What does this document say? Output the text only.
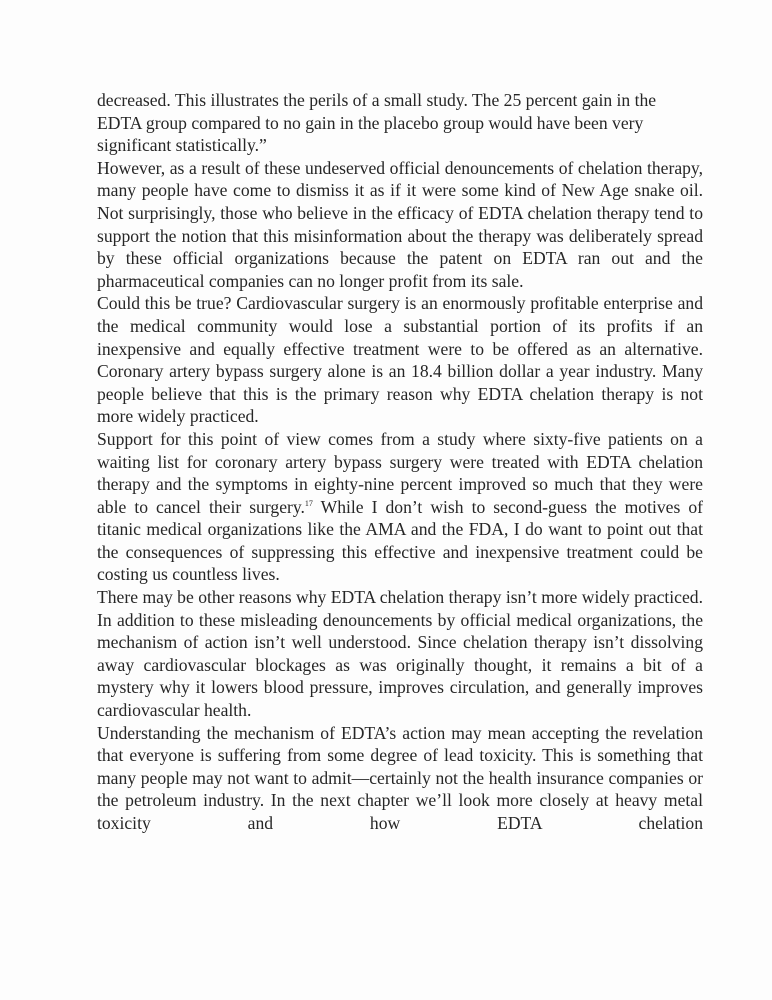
decreased. This illustrates the perils of a small study. The 25 percent gain in the EDTA group compared to no gain in the placebo group would have been very significant statistically.”

However, as a result of these undeserved official denouncements of chelation therapy, many people have come to dismiss it as if it were some kind of New Age snake oil. Not surprisingly, those who believe in the efficacy of EDTA chelation therapy tend to support the notion that this misinformation about the therapy was deliberately spread by these official organizations because the patent on EDTA ran out and the pharmaceutical companies can no longer profit from its sale.

Could this be true? Cardiovascular surgery is an enormously profitable enterprise and the medical community would lose a substantial portion of its profits if an inexpensive and equally effective treatment were to be offered as an alternative. Coronary artery bypass surgery alone is an 18.4 billion dollar a year industry. Many people believe that this is the primary reason why EDTA chelation therapy is not more widely practiced.

Support for this point of view comes from a study where sixty-five patients on a waiting list for coronary artery bypass surgery were treated with EDTA chelation therapy and the symptoms in eighty-nine percent improved so much that they were able to cancel their surgery.$^{17}$ While I don’t wish to second-guess the motives of titanic medical organizations like the AMA and the FDA, I do want to point out that the consequences of suppressing this effective and inexpensive treatment could be costing us countless lives.

There may be other reasons why EDTA chelation therapy isn’t more widely practiced. In addition to these misleading denouncements by official medical organizations, the mechanism of action isn’t well understood. Since chelation therapy isn’t dissolving away cardiovascular blockages as was originally thought, it remains a bit of a mystery why it lowers blood pressure, improves circulation, and generally improves cardiovascular health.

Understanding the mechanism of EDTA’s action may mean accepting the revelation that everyone is suffering from some degree of lead toxicity. This is something that many people may not want to admit—certainly not the health insurance companies or the petroleum industry. In the next chapter we’ll look more closely at heavy metal toxicity and how EDTA chelation
